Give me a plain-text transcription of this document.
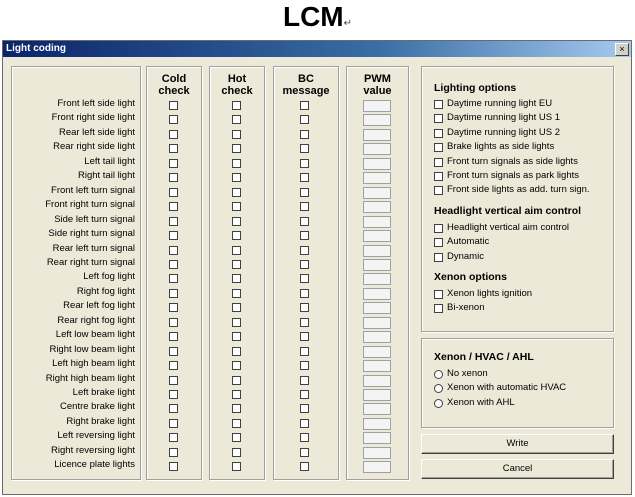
LCM↵
Light coding	×
Cold
check
Hot
check
BC
message
PWM
value
Front left side light
Front right side light
Rear left side light
Rear right side light
Left tail light
Right tail light
Front left turn signal
Front right turn signal
Side left turn signal
Side right turn signal
Rear left turn signal
Rear right turn signal
Left fog light
Right fog light
Rear left fog light
Rear right fog light
Left low beam light
Right low beam light
Left high beam light
Right high beam light
Left brake light
Centre brake light
Right brake light
Left reversing light
Right reversing light
Licence plate lights
Lighting options
Daytime running light EU
Daytime running light US 1
Daytime running light US 2
Brake lights as side lights
Front turn signals as side lights
Front turn signals as park lights
Front side lights as add. turn sign.
Headlight vertical aim control
Headlight vertical aim control
Automatic
Dynamic
Xenon options
Xenon lights ignition
Bi-xenon
Xenon / HVAC / AHL
No xenon
Xenon with automatic HVAC
Xenon with AHL
Write
Cancel
